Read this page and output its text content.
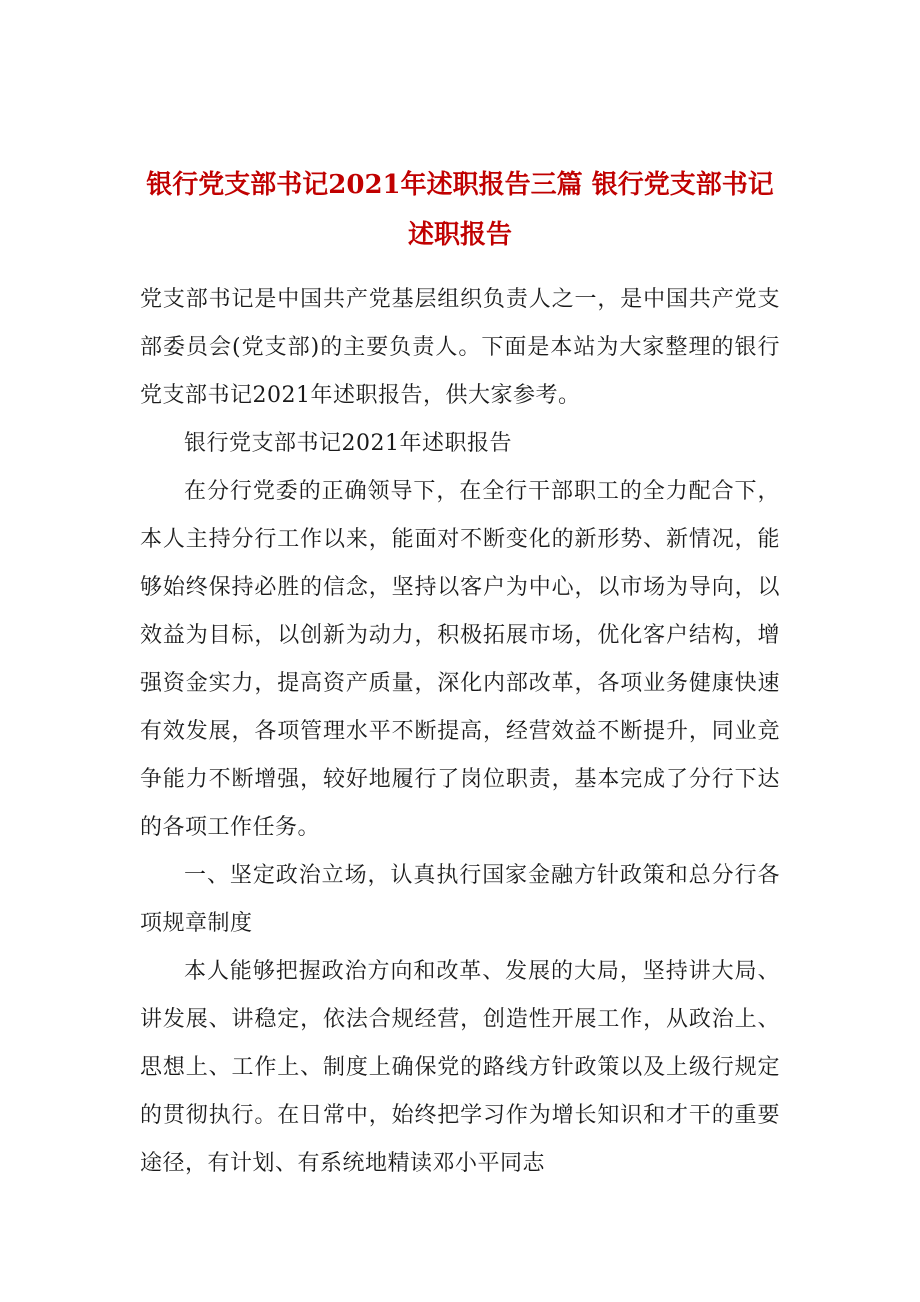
银行党支部书记2021年述职报告三篇 银行党支部书记述职报告

党支部书记是中国共产党基层组织负责人之一，是中国共产党支部委员会(党支部)的主要负责人。下面是本站为大家整理的银行党支部书记2021年述职报告，供大家参考。

银行党支部书记2021年述职报告

在分行党委的正确领导下，在全行干部职工的全力配合下，本人主持分行工作以来，能面对不断变化的新形势、新情况，能够始终保持必胜的信念，坚持以客户为中心，以市场为导向，以效益为目标，以创新为动力，积极拓展市场，优化客户结构，增强资金实力，提高资产质量，深化内部改革，各项业务健康快速有效发展，各项管理水平不断提高，经营效益不断提升，同业竞争能力不断增强，较好地履行了岗位职责，基本完成了分行下达的各项工作任务。

一、坚定政治立场，认真执行国家金融方针政策和总分行各项规章制度

本人能够把握政治方向和改革、发展的大局，坚持讲大局、讲发展、讲稳定，依法合规经营，创造性开展工作，从政治上、思想上、工作上、制度上确保党的路线方针政策以及上级行规定的贯彻执行。在日常中，始终把学习作为增长知识和才干的重要途径，有计划、有系统地精读邓小平同志
